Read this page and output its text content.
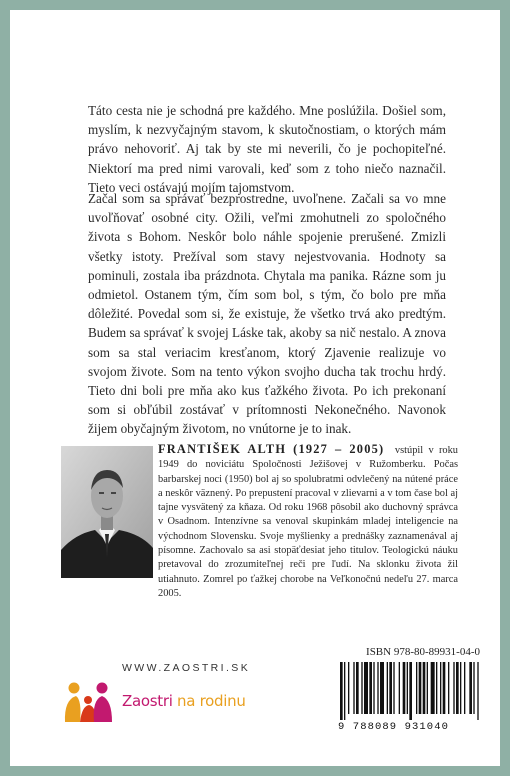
Táto cesta nie je schodná pre každého. Mne poslúžila. Došiel som, myslím, k nezvyčajným stavom, k skutočnostiam, o ktorých mám právo nehovoriť. Aj tak by ste mi neverili, čo je pochopiteľné. Niektorí ma pred nimi varovali, keď som z toho niečo naznačil. Tieto veci ostávajú mojím tajomstvom.

Začal som sa správať bezprostredne, uvoľnene. Začali sa vo mne uvoľňovať osobné city. Ožili, veľmi zmohutneli zo spoločného života s Bohom. Neskôr bolo náhle spojenie prerušené. Zmizli všetky istoty. Prežíval som stavy nejestvovania. Hodnoty sa pominuli, zostala iba prázdnota. Chytala ma panika. Rázne som ju odmietol. Ostanem tým, čím som bol, s tým, čo bolo pre mňa dôležité. Povedal som si, že existuje, že všetko trvá ako predtým. Budem sa správať k svojej Láske tak, akoby sa nič nestalo. A znova som sa stal veriacim kresťanom, ktorý Zjavenie realizuje vo svojom živote. Som na tento výkon svojho ducha tak trochu hrdý. Tieto dni boli pre mňa ako kus ťažkého života. Po ich prekonaní som si obľúbil zostávať v prítomnosti Nekonečného. Navonok žijem obyčajným životom, no vnútorne je to inak.

FRANTIŠEK ALTH (1927 – 2005) vstúpil v roku 1949 do noviciátu Spoločnosti Ježišovej v Ružomberku. Počas barbarskej noci (1950) bol aj so spolubratmi odvlečený na nútené práce a neskôr väznený. Po prepustení pracoval v zlievarni a v tom čase bol aj tajne vysvätený za kňaza. Od roku 1968 pôsobil ako duchovný správca v Osadnom. Intenzívne sa venoval skupinkám mladej inteligencie na východnom Slovensku. Svoje myšlienky a prednášky zaznamenával aj písomne. Zachovalo sa asi stopäťdesiat jeho titulov. Teologickú náuku pretavoval do zrozumiteľnej reči pre ľudí. Na sklonku života žil utiahnuto. Zomrel po ťažkej chorobe na Veľkonočnú nedeľu 27. marca 2005.

ISBN 978-80-89931-04-0
9 788089 931040
WWW.ZAOSTRI.SK
Zaostri na rodinu
